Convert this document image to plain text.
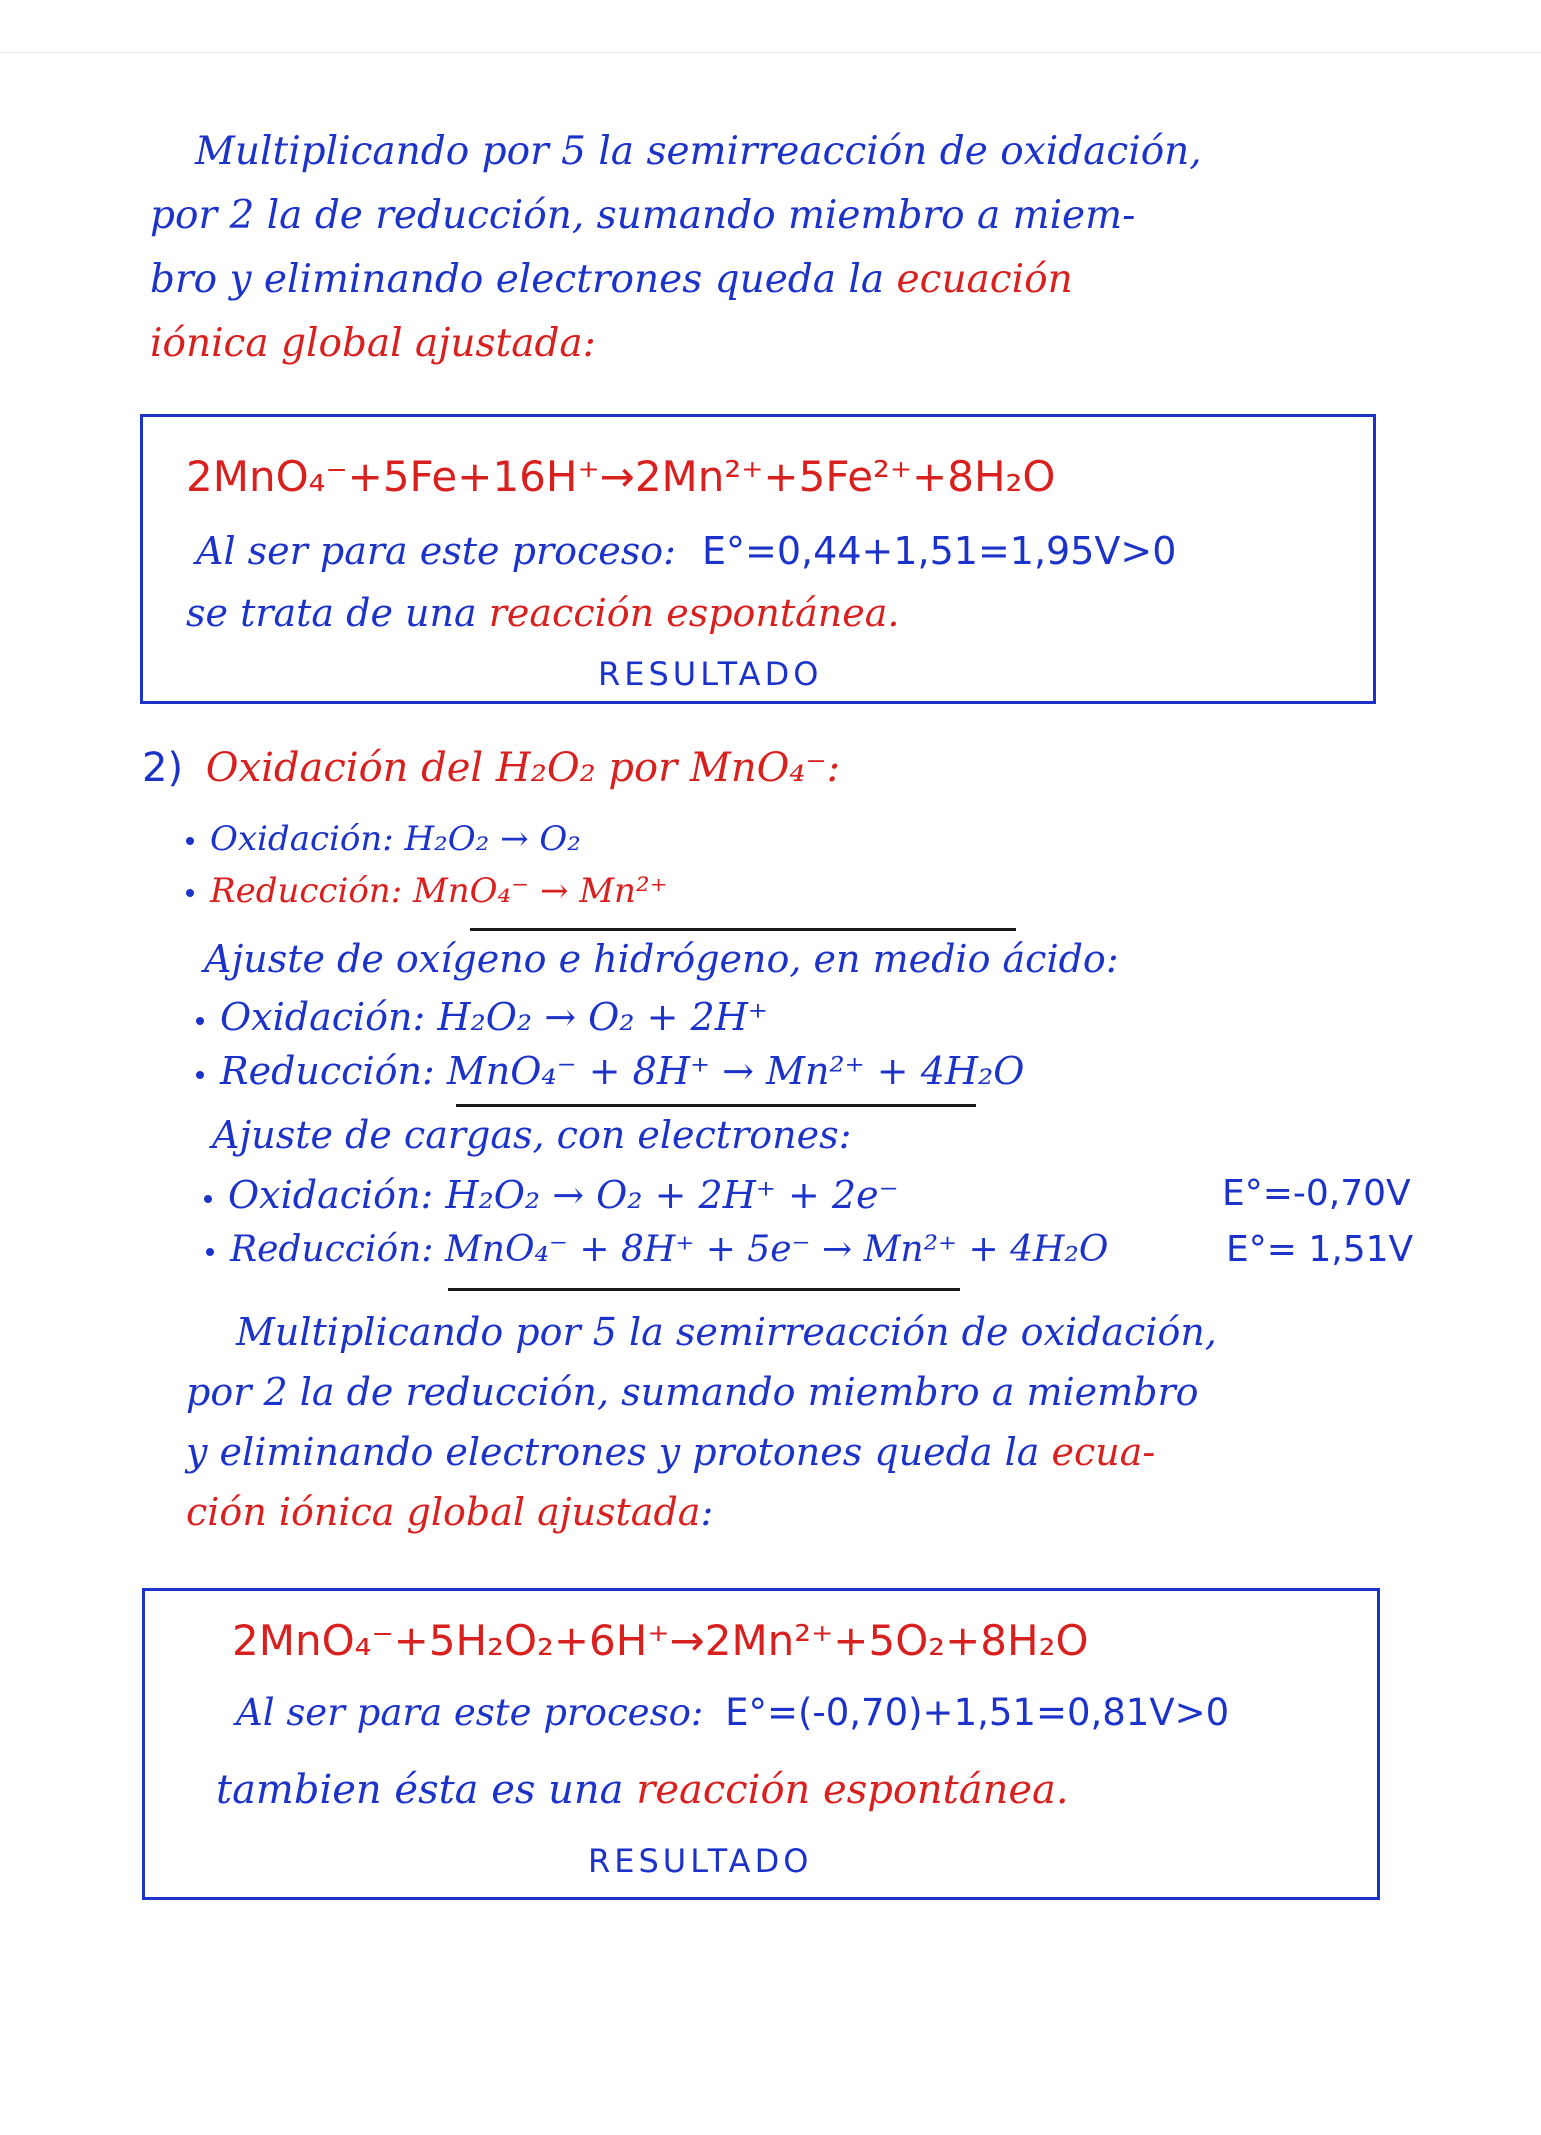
Multiplicando por 5 la semirreacción de oxidación,
por 2 la de reducción, sumando miembro a miem-
bro y eliminando electrones queda la ecuación
iónica global ajustada:
2MnO₄⁻+5Fe+16H⁺→2Mn²⁺+5Fe²⁺+8H₂O
Al ser para este proceso: E°=0,44+1,51=1,95V>0
se trata de una reacción espontánea.
RESULTADO
2) Oxidación del H₂O₂ por MnO₄⁻:
Oxidación: H₂O₂ → O₂
Reducción: MnO₄⁻ → Mn²⁺
Ajuste de oxígeno e hidrógeno, en medio ácido:
Oxidación: H₂O₂ → O₂ + 2H⁺
Reducción: MnO₄⁻ + 8H⁺ → Mn²⁺ + 4H₂O
Ajuste de cargas, con electrones:
Oxidación: H₂O₂ → O₂ + 2H⁺ + 2e⁻	E°=-0,70V
Reducción: MnO₄⁻ + 8H⁺ + 5e⁻ → Mn²⁺ + 4H₂O	E°= 1,51V
Multiplicando por 5 la semirreacción de oxidación,
por 2 la de reducción, sumando miembro a miembro
y eliminando electrones y protones queda la ecua-
ción iónica global ajustada:
2MnO₄⁻+5H₂O₂+6H⁺→2Mn²⁺+5O₂+8H₂O
Al ser para este proceso: E°=(-0,70)+1,51=0,81V>0
tambien ésta es una reacción espontánea.
RESULTADO
